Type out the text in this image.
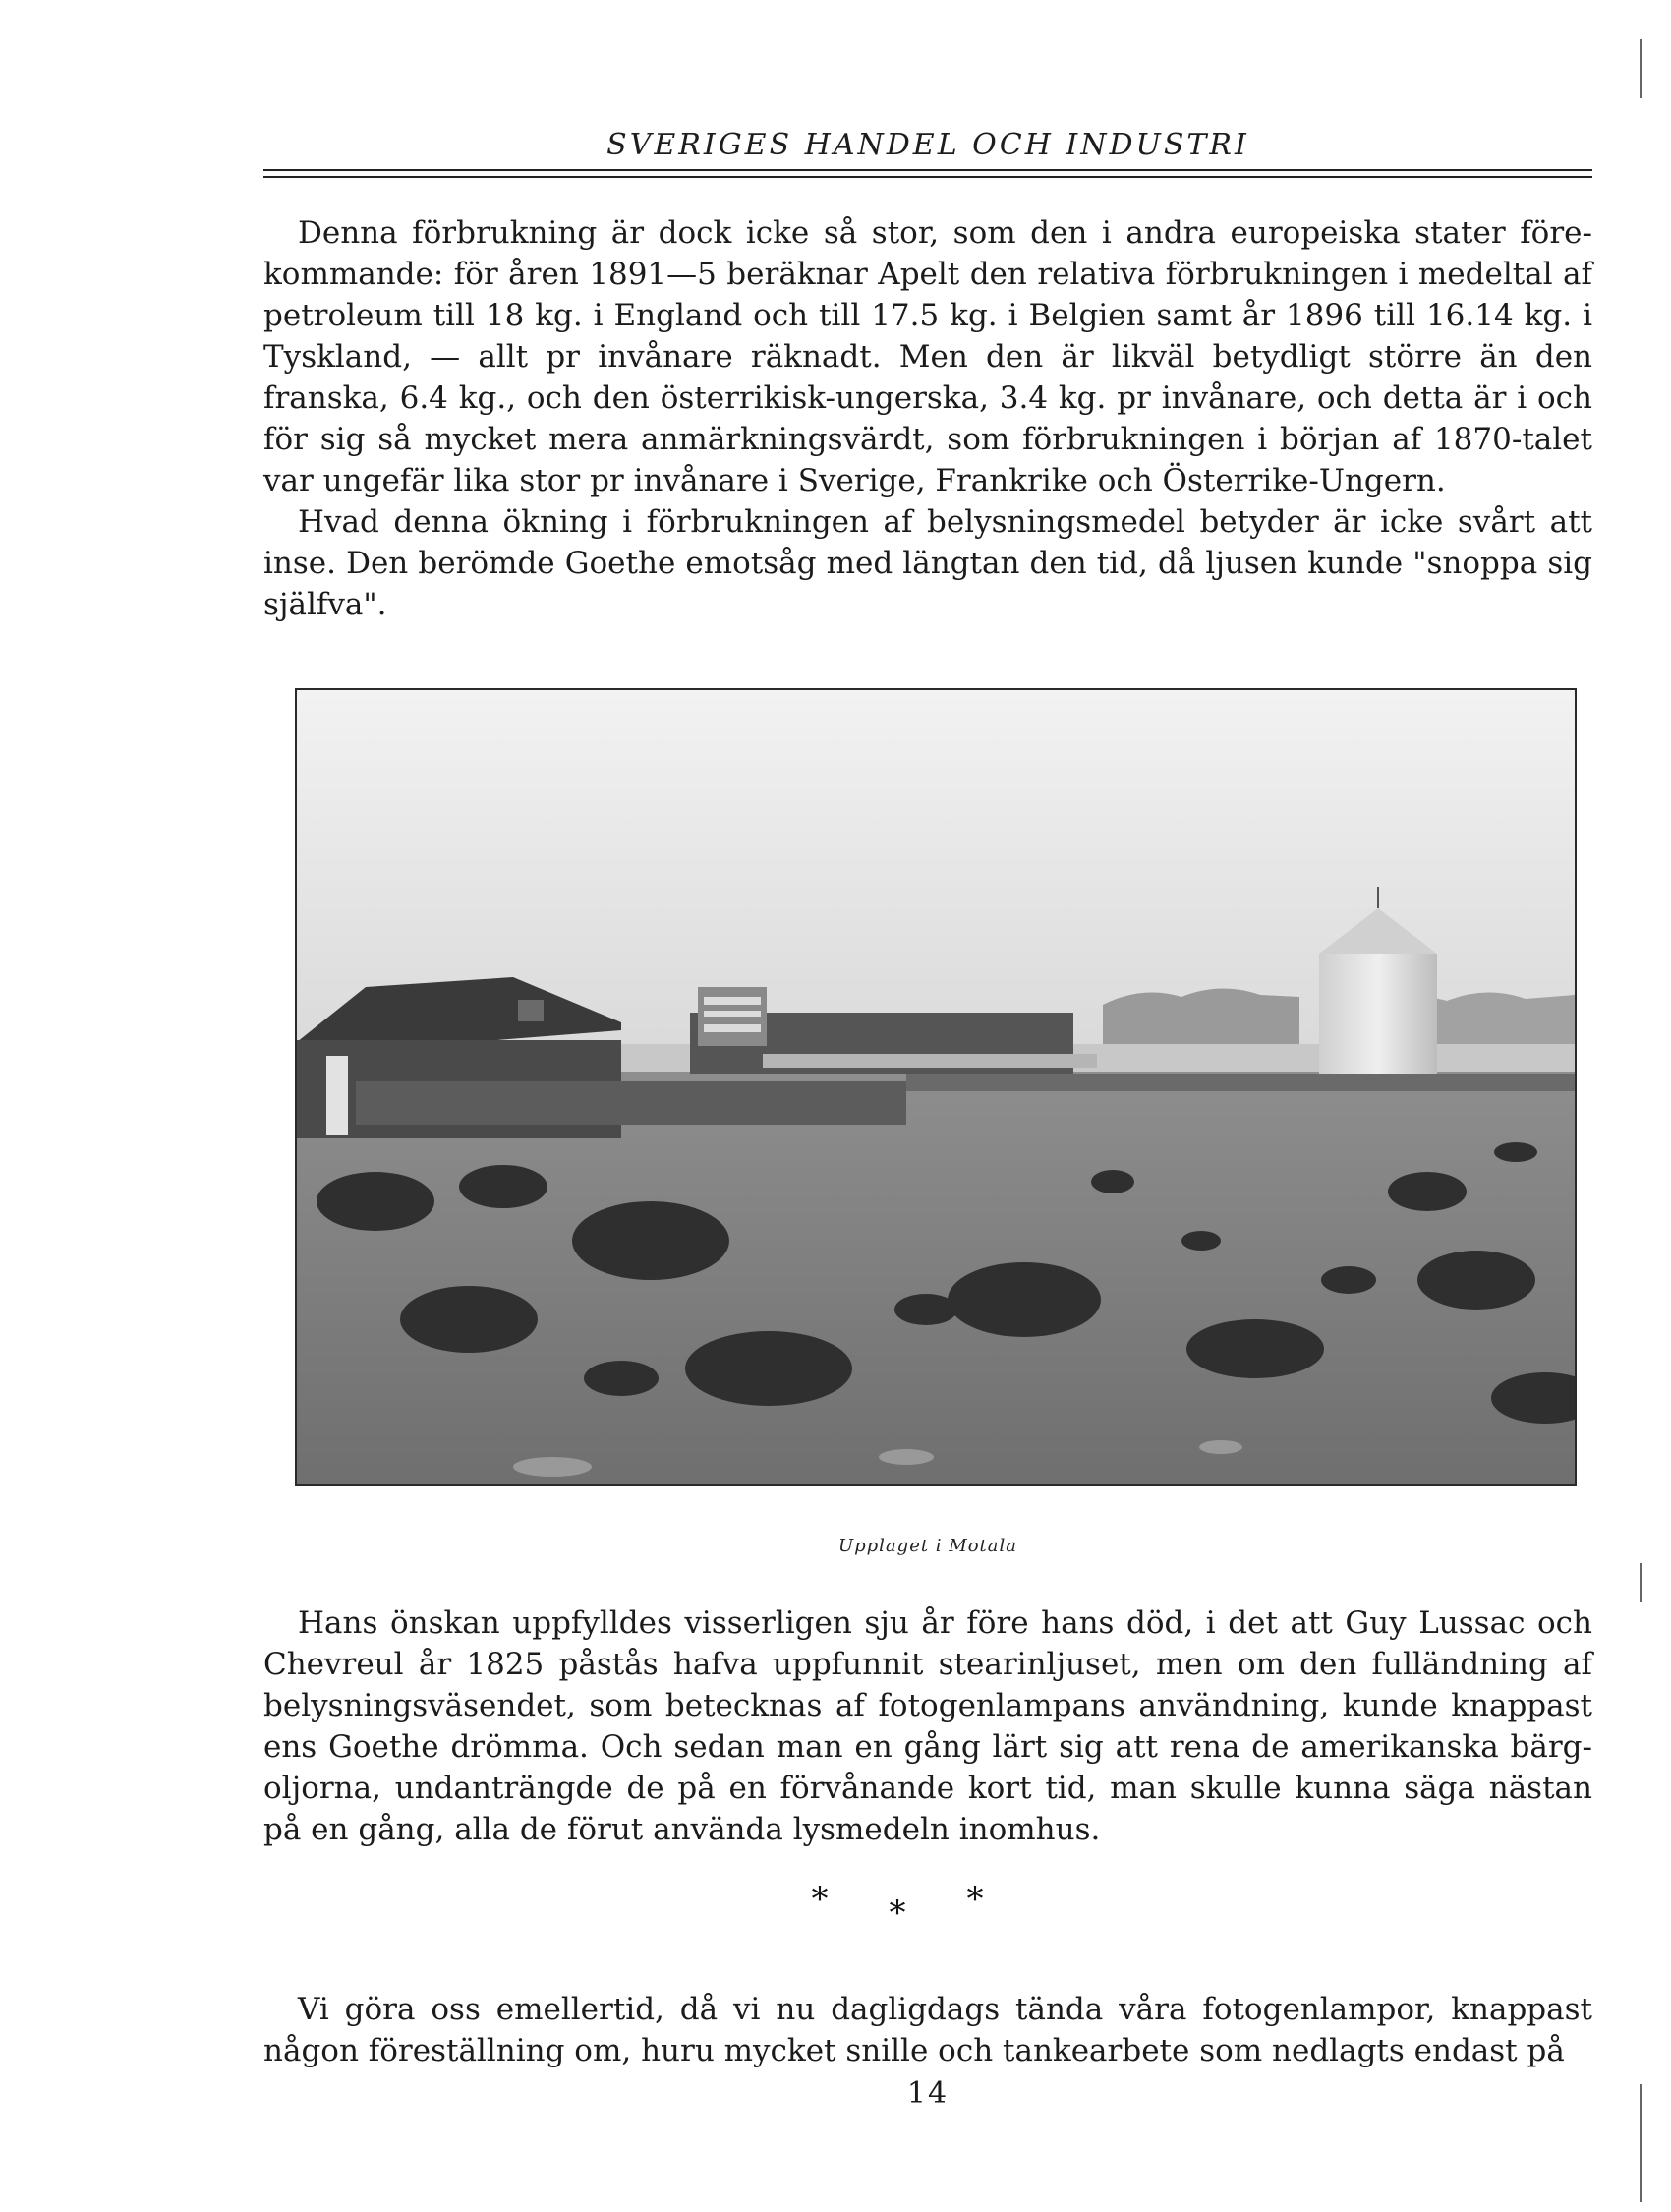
SVERIGES HANDEL OCH INDUSTRI

Denna förbrukning är dock icke så stor, som den i andra europeiska stater förekommande: för åren 1891—5 beräknar Apelt den relativa förbrukningen i medeltal af petroleum till 18 kg. i England och till 17.5 kg. i Belgien samt år 1896 till 16.14 kg. i Tyskland, — allt pr invånare räknadt. Men den är likväl betydligt större än den franska, 6.4 kg., och den österrikisk-ungerska, 3.4 kg. pr invånare, och detta är i och för sig så mycket mera anmärkningsvärdt, som förbrukningen i början af 1870-talet var ungefär lika stor pr invånare i Sverige, Frankrike och Österrike-Ungern.

Hvad denna ökning i förbrukningen af belysningsmedel betyder är icke svårt att inse. Den berömde Goethe emotsåg med längtan den tid, då ljusen kunde "snoppa sig själfva".

Upplaget i Motala

Hans önskan uppfylldes visserligen sju år före hans död, i det att Guy Lussac och Chevreul år 1825 påstås hafva uppfunnit stearinljuset, men om den fulländning af belysningsväsendet, som betecknas af fotogenlampans användning, kunde knappast ens Goethe drömma. Och sedan man en gång lärt sig att rena de amerikanska bärgoljorna, undanträngde de på en förvånande kort tid, man skulle kunna säga nästan på en gång, alla de förut använda lysmedeln inomhus.

***

Vi göra oss emellertid, då vi nu dagligdags tända våra fotogenlampor, knappast någon föreställning om, huru mycket snille och tankearbete som nedlagts endast på

14
